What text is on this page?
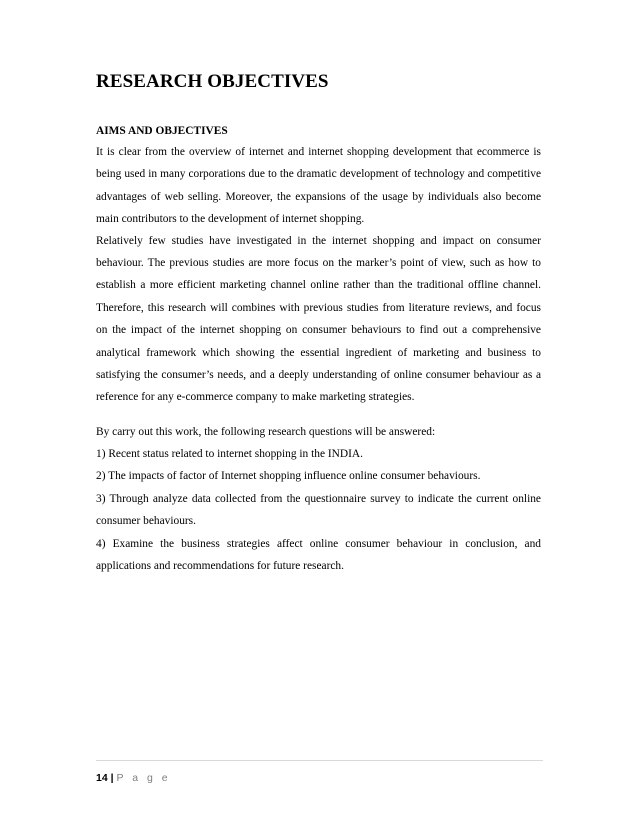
RESEARCH OBJECTIVES

AIMS AND OBJECTIVES

It is clear from the overview of internet and internet shopping development that ecommerce is being used in many corporations due to the dramatic development of technology and competitive advantages of web selling. Moreover, the expansions of the usage by individuals also become main contributors to the development of internet shopping.

Relatively few studies have investigated in the internet shopping and impact on consumer behaviour. The previous studies are more focus on the marker’s point of view, such as how to establish a more efficient marketing channel online rather than the traditional offline channel. Therefore, this research will combines with previous studies from literature reviews, and focus on the impact of the internet shopping on consumer behaviours to find out a comprehensive analytical framework which showing the essential ingredient of marketing and business to satisfying the consumer’s needs, and a deeply understanding of online consumer behaviour as a reference for any e-commerce company to make marketing strategies.

By carry out this work, the following research questions will be answered:

1) Recent status related to internet shopping in the INDIA.

2) The impacts of factor of Internet shopping influence online consumer behaviours.

3) Through analyze data collected from the questionnaire survey to indicate the current online consumer behaviours.

4) Examine the business strategies affect online consumer behaviour in conclusion, and applications and recommendations for future research.

14 | P a g e
